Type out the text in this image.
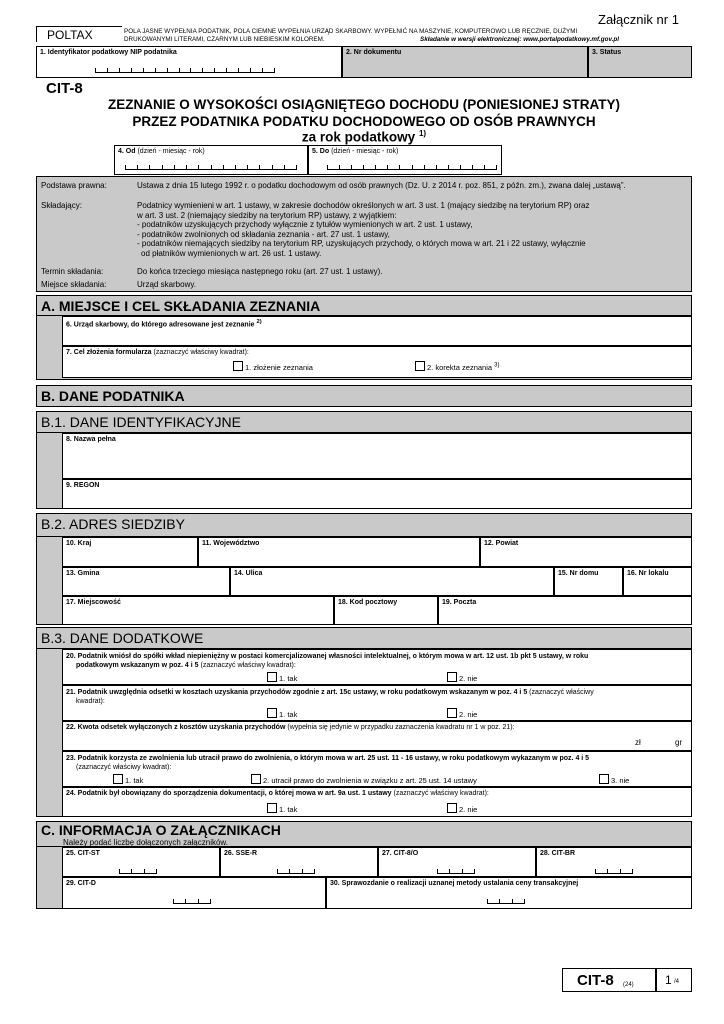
Załącznik nr 1
POLTAX	POLA JASNE WYPEŁNIA PODATNIK, POLA CIEMNE WYPEŁNIA URZĄD SKARBOWY. WYPEŁNIĆ NA MASZYNIE, KOMPUTEROWO LUB RĘCZNIE, DUŻYMI
DRUKOWANYMI LITERAMI, CZARNYM LUB NIEBIESKIM KOLOREM.	Składanie w wersji elektronicznej: www.portalpodatkowy.mf.gov.pl
1. Identyfikator podatkowy NIP podatnika	2. Nr dokumentu	3. Status
CIT-8
ZEZNANIE O WYSOKOŚCI OSIĄGNIĘTEGO DOCHODU (PONIESIONEJ STRATY)
PRZEZ PODATNIKA PODATKU DOCHODOWEGO OD OSÓB PRAWNYCH
za rok podatkowy $^{1)}$
4. Od (dzień - miesiąc - rok)	5. Do (dzień - miesiąc - rok)
Podstawa prawna:	Ustawa z dnia 15 lutego 1992 r. o podatku dochodowym od osób prawnych (Dz. U. z 2014 r. poz. 851, z późn. zm.), zwana dalej „ustawą”.
Składający:	Podatnicy wymienieni w art. 1 ustawy, w zakresie dochodów określonych w art. 3 ust. 1 (mający siedzibę na terytorium RP) oraz
w art. 3 ust. 2 (niemający siedziby na terytorium RP) ustawy, z wyjątkiem:
- podatników uzyskujących przychody wyłącznie z tytułów wymienionych w art. 2 ust. 1 ustawy,
- podatników zwolnionych od składania zeznania - art. 27 ust. 1 ustawy,
- podatników niemających siedziby na terytorium RP, uzyskujących przychody, o których mowa w art. 21 i 22 ustawy, wyłącznie
od płatników wymienionych w art. 26 ust. 1 ustawy.
Termin składania:	Do końca trzeciego miesiąca następnego roku (art. 27 ust. 1 ustawy).
Miejsce składania:	Urząd skarbowy.
A. MIEJSCE I CEL SKŁADANIA ZEZNANIA
6. Urząd skarbowy, do którego adresowane jest zeznanie $^{2)}$
7. Cel złożenia formularza (zaznaczyć właściwy kwadrat):
1. złożenie zeznania	2. korekta zeznania $^{3)}$
B. DANE PODATNIKA
B.1. DANE IDENTYFIKACYJNE
8. Nazwa pełna
9. REGON
B.2. ADRES SIEDZIBY
10. Kraj	11. Województwo	12. Powiat
13. Gmina	14. Ulica	15. Nr domu	16. Nr lokalu
17. Miejscowość	18. Kod pocztowy	19. Poczta
B.3. DANE DODATKOWE
20. Podatnik wniósł do spółki wkład niepieniężny w postaci komercjalizowanej własności intelektualnej, o którym mowa w art. 12 ust. 1b pkt 5 ustawy, w roku
podatkowym wskazanym w poz. 4 i 5 (zaznaczyć właściwy kwadrat):
1. tak	2. nie
21. Podatnik uwzględnia odsetki w kosztach uzyskania przychodów zgodnie z art. 15c ustawy, w roku podatkowym wskazanym w poz. 4 i 5 (zaznaczyć właściwy
kwadrat):
1. tak	2. nie
22. Kwota odsetek wyłączonych z kosztów uzyskania przychodów (wypełnia się jedynie w przypadku zaznaczenia kwadratu nr 1 w poz. 21):
zł	gr
23. Podatnik korzysta ze zwolnienia lub utracił prawo do zwolnienia, o którym mowa w art. 25 ust. 11 - 16 ustawy, w roku podatkowym wykazanym w poz. 4 i 5
(zaznaczyć właściwy kwadrat):
1. tak	2. utracił prawo do zwolnienia w związku z art. 25 ust. 14 ustawy	3. nie
24. Podatnik był obowiązany do sporządzenia dokumentacji, o której mowa w art. 9a ust. 1 ustawy (zaznaczyć właściwy kwadrat):
1. tak	2. nie
C. INFORMACJA O ZAŁĄCZNIKACH
Należy podać liczbę dołączonych załączników.
25. CIT-ST	26. SSE-R	27. CIT-8/O	28. CIT-BR
29. CIT-D	30. Sprawozdanie o realizacji uznanej metody ustalania ceny transakcyjnej
CIT-8 (24)	1 /4
